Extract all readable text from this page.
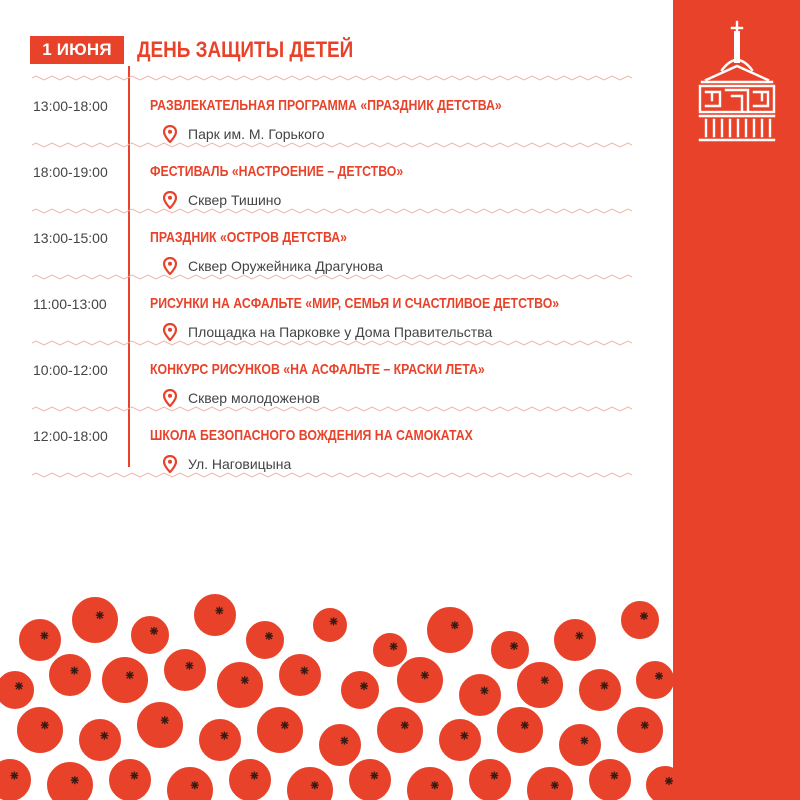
1 ИЮНЯ	ДЕНЬ ЗАЩИТЫ ДЕТЕЙ
13:00-18:00	РАЗВЛЕКАТЕЛЬНАЯ ПРОГРАММА «ПРАЗДНИК ДЕТСТВА»
Парк им. М. Горького
18:00-19:00	ФЕСТИВАЛЬ «НАСТРОЕНИЕ – ДЕТСТВО»
Сквер Тишино
13:00-15:00	ПРАЗДНИК «ОСТРОВ ДЕТСТВА»
Сквер Оружейника Драгунова
11:00-13:00	РИСУНКИ НА АСФАЛЬТЕ «МИР, СЕМЬЯ И СЧАСТЛИВОЕ ДЕТСТВО»
Площадка на Парковке у Дома Правительства
10:00-12:00	КОНКУРС РИСУНКОВ «НА АСФАЛЬТЕ – КРАСКИ ЛЕТА»
Сквер молодоженов
12:00-18:00	ШКОЛА БЕЗОПАСНОГО ВОЖДЕНИЯ НА САМОКАТАХ
Ул. Наговицына
